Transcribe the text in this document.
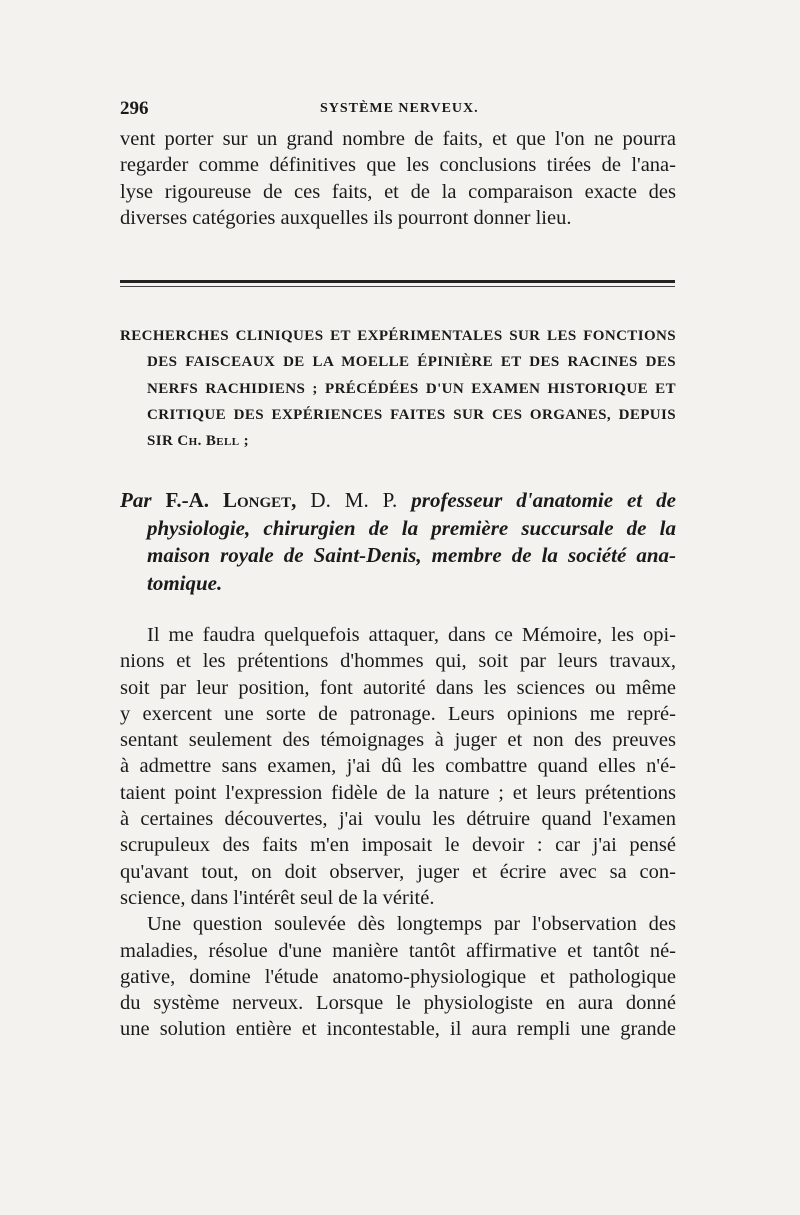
296	SYSTÈME NERVEUX.
vent porter sur un grand nombre de faits, et que l'on ne pourra
regarder comme définitives que les conclusions tirées de l'ana-
lyse rigoureuse de ces faits, et de la comparaison exacte des
diverses catégories auxquelles ils pourront donner lieu.
RECHERCHES CLINIQUES ET EXPÉRIMENTALES SUR LES FONCTIONS
DES FAISCEAUX DE LA MOELLE ÉPINIÈRE ET DES RACINES DES
NERFS RACHIDIENS ; PRÉCÉDÉES D'UN EXAMEN HISTORIQUE ET
CRITIQUE DES EXPÉRIENCES FAITES SUR CES ORGANES, DEPUIS
SIR Ch. Bell ;
Par F.-A. Longet, D. M. P. professeur d'anatomie et de
physiologie, chirurgien de la première succursale de la
maison royale de Saint-Denis, membre de la société ana-
tomique.
Il me faudra quelquefois attaquer, dans ce Mémoire, les opi-
nions et les prétentions d'hommes qui, soit par leurs travaux,
soit par leur position, font autorité dans les sciences ou même
y exercent une sorte de patronage. Leurs opinions me repré-
sentant seulement des témoignages à juger et non des preuves
à admettre sans examen, j'ai dû les combattre quand elles n'é-
taient point l'expression fidèle de la nature ; et leurs prétentions
à certaines découvertes, j'ai voulu les détruire quand l'examen
scrupuleux des faits m'en imposait le devoir : car j'ai pensé
qu'avant tout, on doit observer, juger et écrire avec sa con-
science, dans l'intérêt seul de la vérité.
Une question soulevée dès longtemps par l'observation des
maladies, résolue d'une manière tantôt affirmative et tantôt né-
gative, domine l'étude anatomo-physiologique et pathologique
du système nerveux. Lorsque le physiologiste en aura donné
une solution entière et incontestable, il aura rempli une grande
